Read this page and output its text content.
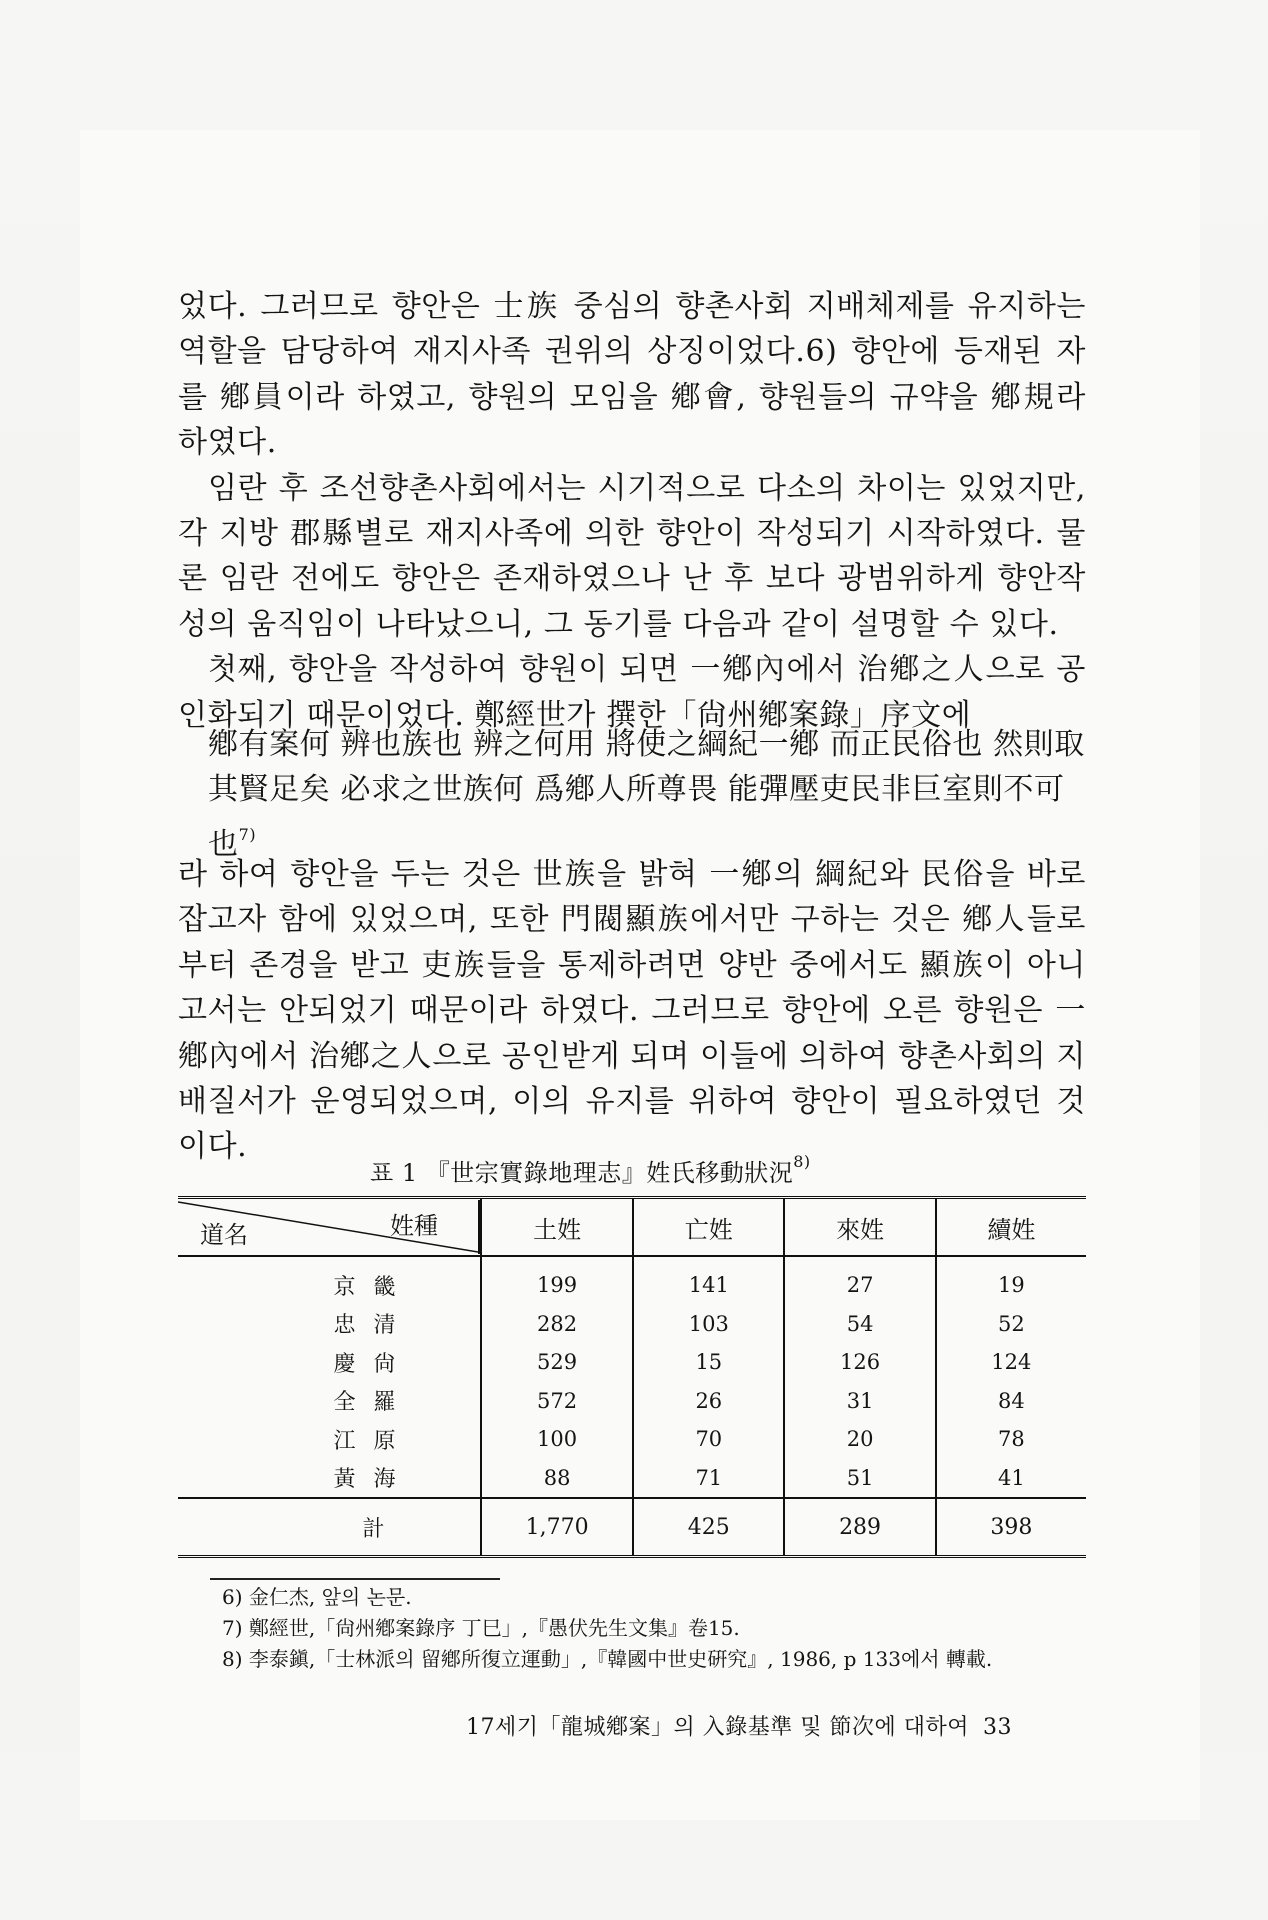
었다. 그러므로 향안은 士族 중심의 향촌사회 지배체제를 유지하는 역할을 담당하여 재지사족 권위의 상징이었다.6) 향안에 등재된 자를 鄕員이라 하였고, 향원의 모임을 鄕會, 향원들의 규약을 鄕規라 하였다.

임란 후 조선향촌사회에서는 시기적으로 다소의 차이는 있었지만, 각 지방 郡縣별로 재지사족에 의한 향안이 작성되기 시작하였다. 물론 임란 전에도 향안은 존재하였으나 난 후 보다 광범위하게 향안작성의 움직임이 나타났으니, 그 동기를 다음과 같이 설명할 수 있다.

첫째, 향안을 작성하여 향원이 되면 一鄕內에서 治鄕之人으로 공인화되기 때문이었다. 鄭經世가 撰한「尙州鄕案錄」序文에

鄕有案何 辨也族也 辨之何用 將使之綱紀一鄕 而正民俗也 然則取

其賢足矣 必求之世族何 爲鄕人所尊畏 能彈壓吏民非巨室則不可也$^{7)}$

라 하여 향안을 두는 것은 世族을 밝혀 一鄕의 綱紀와 民俗을 바로잡고자 함에 있었으며, 또한 門閥顯族에서만 구하는 것은 鄕人들로부터 존경을 받고 吏族들을 통제하려면 양반 중에서도 顯族이 아니고서는 안되었기 때문이라 하였다. 그러므로 향안에 오른 향원은 一鄕內에서 治鄕之人으로 공인받게 되며 이들에 의하여 향촌사회의 지배질서가 운영되었으며, 이의 유지를 위하여 향안이 필요하였던 것이다.

표 1 『世宗實錄地理志』姓氏移動狀況$^{8)}$
姓種
道名	土姓	亡姓	來姓	續姓
京畿	199	141	27	19
忠清	282	103	54	52
慶尙	529	15	126	124
全羅	572	26	31	84
江原	100	70	20	78
黃海	88	71	51	41
計	1,770	425	289	398

6) 金仁杰, 앞의 논문.

7) 鄭經世,「尙州鄕案錄序 丁巳」,『愚伏先生文集』卷15.

8) 李泰鎭,「士林派의 留鄕所復立運動」,『韓國中世史硏究』, 1986, p 133에서 轉載.

17세기「龍城鄕案」의 入錄基準 및 節次에 대하여 33
